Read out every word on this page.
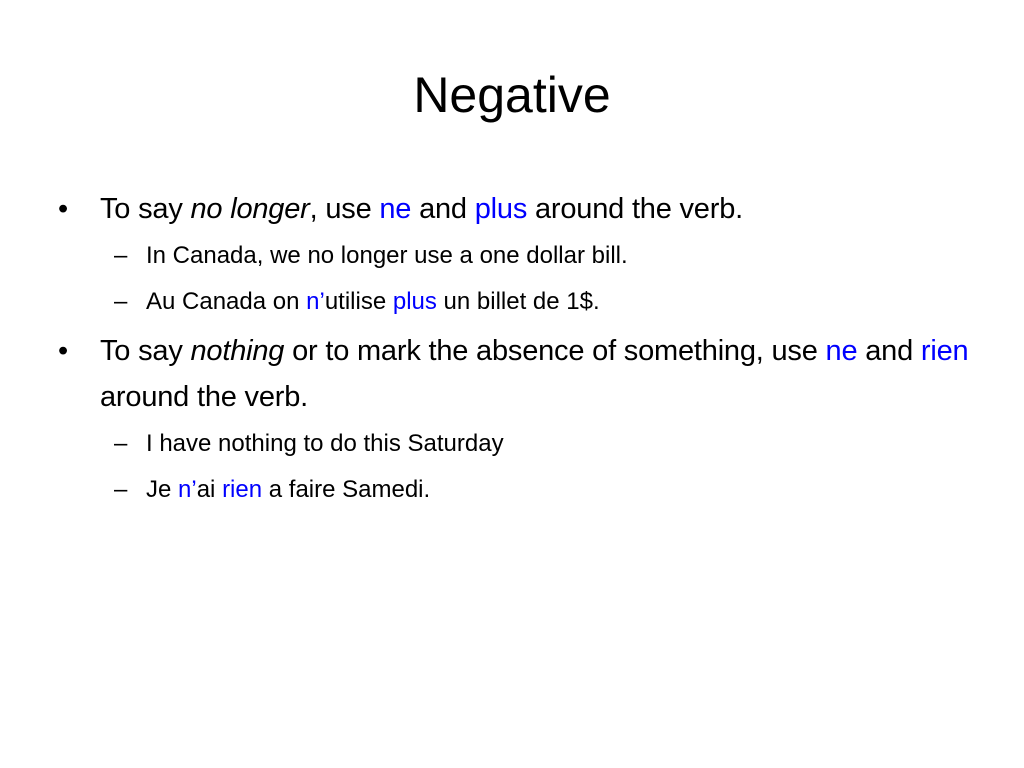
Negative
• To say no longer, use ne and plus around the verb.
– In Canada, we no longer use a one dollar bill.
– Au Canada on n’utilise plus un billet de 1$.
• To say nothing or to mark the absence of something, use ne and rien around the verb.
– I have nothing to do this Saturday
– Je n’ai rien a faire Samedi.
